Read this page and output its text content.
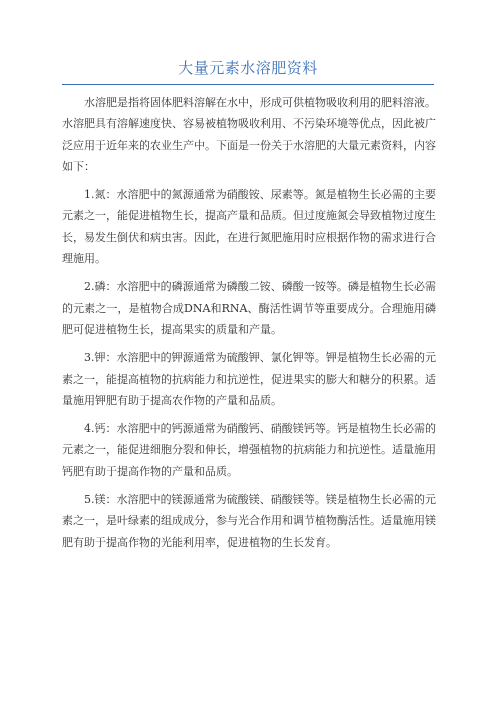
大量元素水溶肥资料

水溶肥是指将固体肥料溶解在水中，形成可供植物吸收利用的肥料溶液。水溶肥具有溶解速度快、容易被植物吸收利用、不污染环境等优点，因此被广泛应用于近年来的农业生产中。下面是一份关于水溶肥的大量元素资料，内容如下：

1.氮：水溶肥中的氮源通常为硝酸铵、尿素等。氮是植物生长必需的主要元素之一，能促进植物生长，提高产量和品质。但过度施氮会导致植物过度生长，易发生倒伏和病虫害。因此，在进行氮肥施用时应根据作物的需求进行合理施用。

2.磷：水溶肥中的磷源通常为磷酸二铵、磷酸一铵等。磷是植物生长必需的元素之一，是植物合成DNA和RNA、酶活性调节等重要成分。合理施用磷肥可促进植物生长，提高果实的质量和产量。

3.钾：水溶肥中的钾源通常为硫酸钾、氯化钾等。钾是植物生长必需的元素之一，能提高植物的抗病能力和抗逆性，促进果实的膨大和糖分的积累。适量施用钾肥有助于提高农作物的产量和品质。

4.钙：水溶肥中的钙源通常为硝酸钙、硝酸镁钙等。钙是植物生长必需的元素之一，能促进细胞分裂和伸长，增强植物的抗病能力和抗逆性。适量施用钙肥有助于提高作物的产量和品质。

5.镁：水溶肥中的镁源通常为硫酸镁、硝酸镁等。镁是植物生长必需的元素之一，是叶绿素的组成成分，参与光合作用和调节植物酶活性。适量施用镁肥有助于提高作物的光能利用率，促进植物的生长发育。
